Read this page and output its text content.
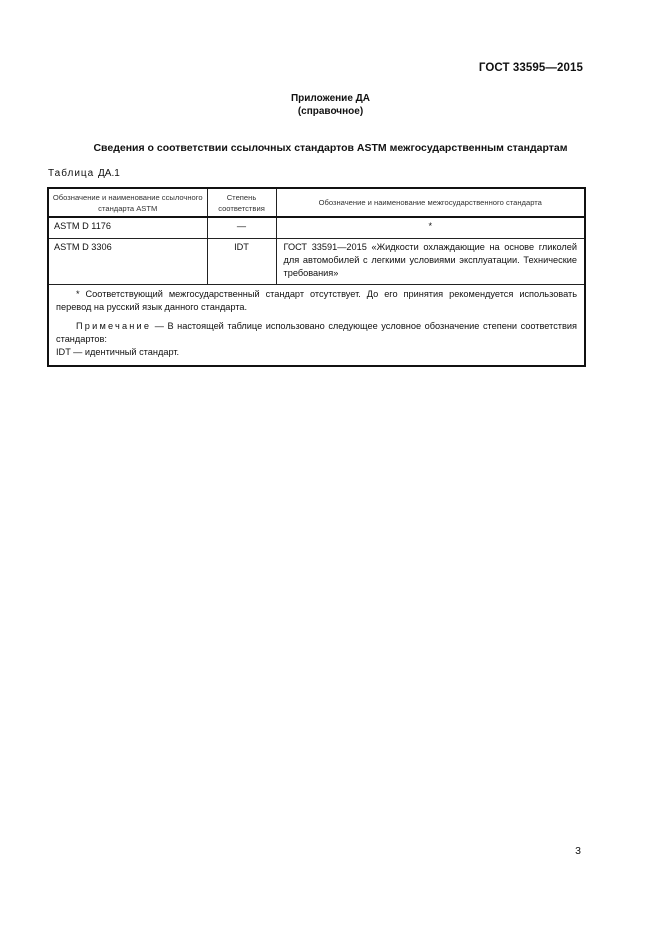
ГОСТ 33595—2015
Приложение ДА
(справочное)
Сведения о соответствии ссылочных стандартов ASTM межгосударственным стандартам
Таблица ДА.1
Обозначение и наименование ссылочного стандарта ASTM	Степень соответствия	Обозначение и наименование межгосударственного стандарта
ASTM D 1176	—	*
ASTM D 3306	IDT	ГОСТ 33591—2015 «Жидкости охлаждающие на основе гликолей для автомобилей с легкими условиями эксплуатации. Технические требования»

* Соответствующий межгосударственный стандарт отсутствует. До его принятия рекомендуется использовать перевод на русский язык данного стандарта.

Примечание — В настоящей таблице использовано следующее условное обозначение степени соответствия стандартов:

IDT — идентичный стандарт.		

3
